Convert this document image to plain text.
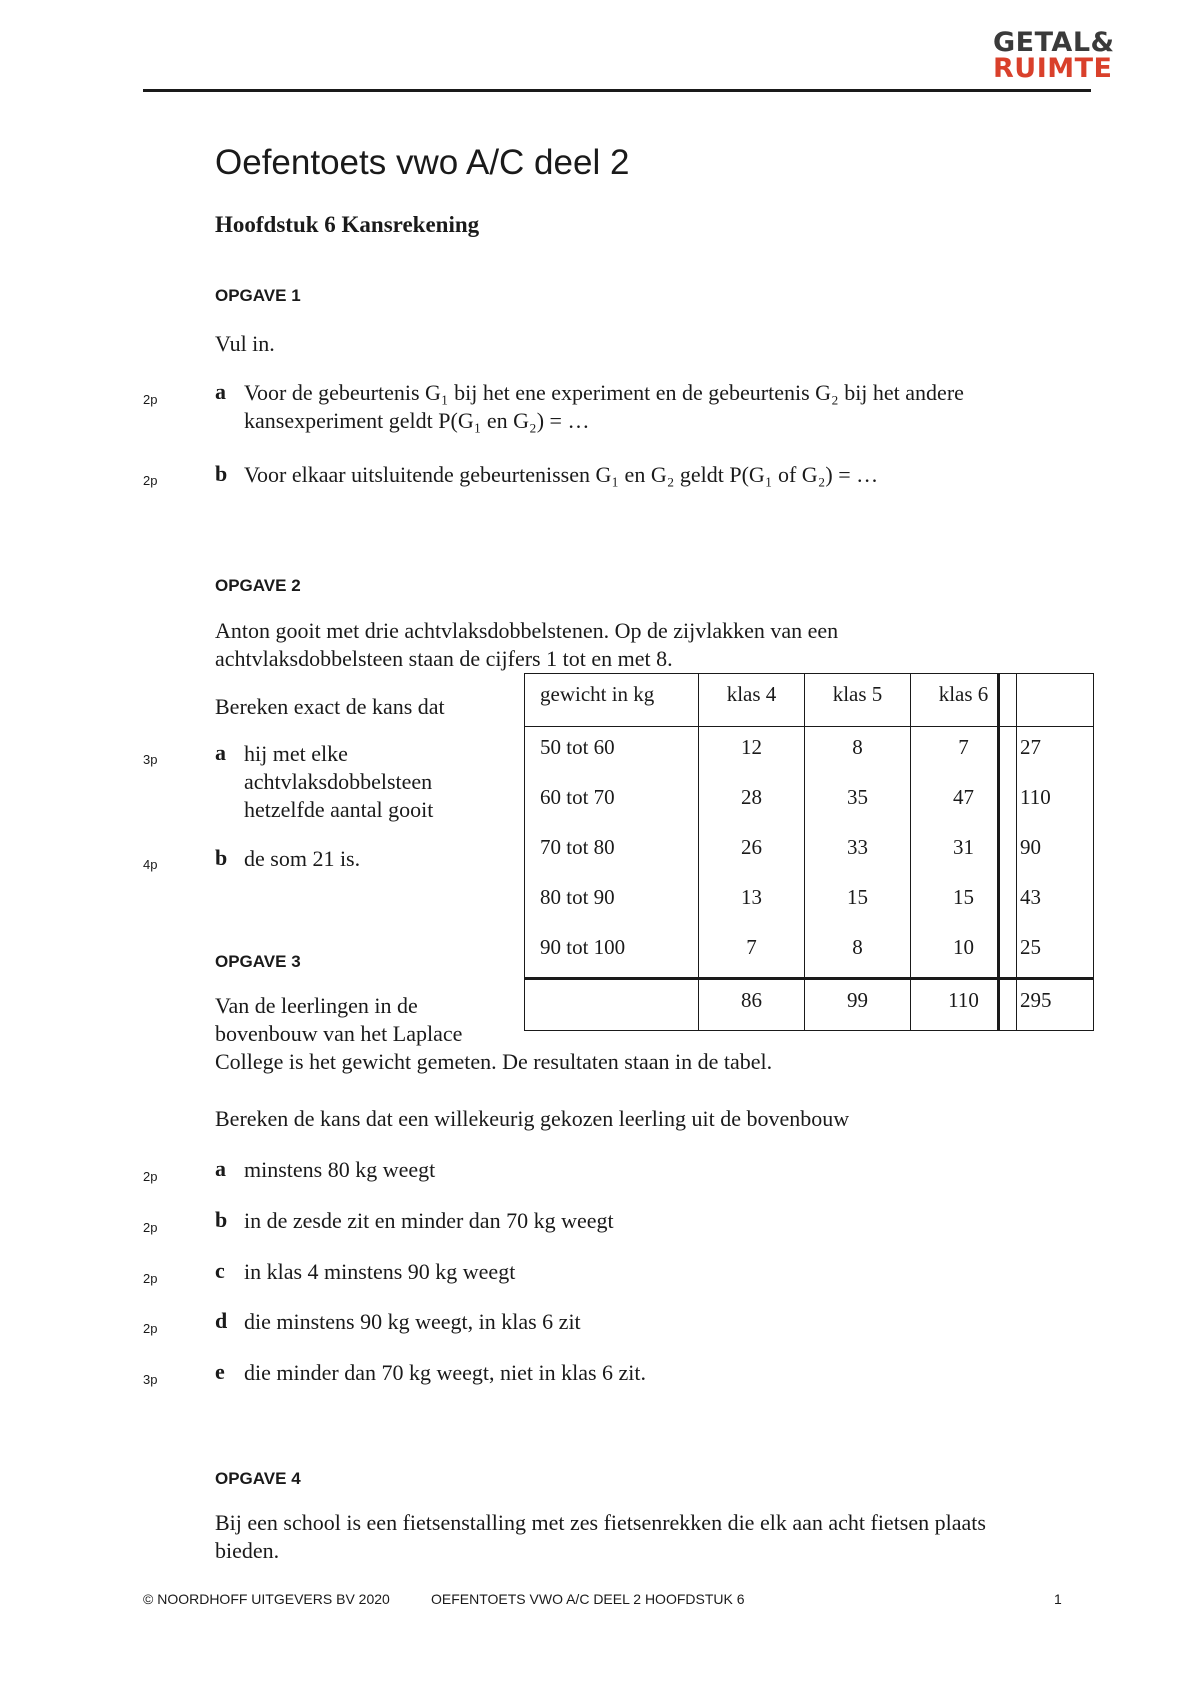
GETAL&
RUIMTE
Oefentoets vwo A/C deel 2
Hoofdstuk 6 Kansrekening
OPGAVE 1
Vul in.
2p	a Voor de gebeurtenis G₁ bij het ene experiment en de gebeurtenis G₂ bij het andere
kansexperiment geldt P(G₁ en G₂) = …
2p	b Voor elkaar uitsluitende gebeurtenissen G₁ en G₂ geldt P(G₁ of G₂) = …
OPGAVE 2
Anton gooit met drie achtvlaksdobbelstenen. Op de zijvlakken van een
achtvlaksdobbelsteen staan de cijfers 1 tot en met 8.
Bereken exact de kans dat
3p	a hij met elke
achtvlaksdobbelsteen
hetzelfde aantal gooit
4p	b de som 21 is.
gewicht in kg	klas 4	klas 5	klas 6	

50 tot 60	12	8	7	27

60 tot 70	28	35	47	110

70 tot 80	26	33	31	90

80 tot 90	13	15	15	43

90 tot 100	7	8	10	25

	86	99	110	295
OPGAVE 3
Van de leerlingen in de
bovenbouw van het Laplace
College is het gewicht gemeten. De resultaten staan in de tabel.
Bereken de kans dat een willekeurig gekozen leerling uit de bovenbouw
2p	a minstens 80 kg weegt
2p	b in de zesde zit en minder dan 70 kg weegt
2p	c in klas 4 minstens 90 kg weegt
2p	d die minstens 90 kg weegt, in klas 6 zit
3p	e die minder dan 70 kg weegt, niet in klas 6 zit.
OPGAVE 4
Bij een school is een fietsenstalling met zes fietsenrekken die elk aan acht fietsen plaats
bieden.
© NOORDHOFF UITGEVERS BV 2020	OEFENTOETS VWO A/C DEEL 2 HOOFDSTUK 6	1
